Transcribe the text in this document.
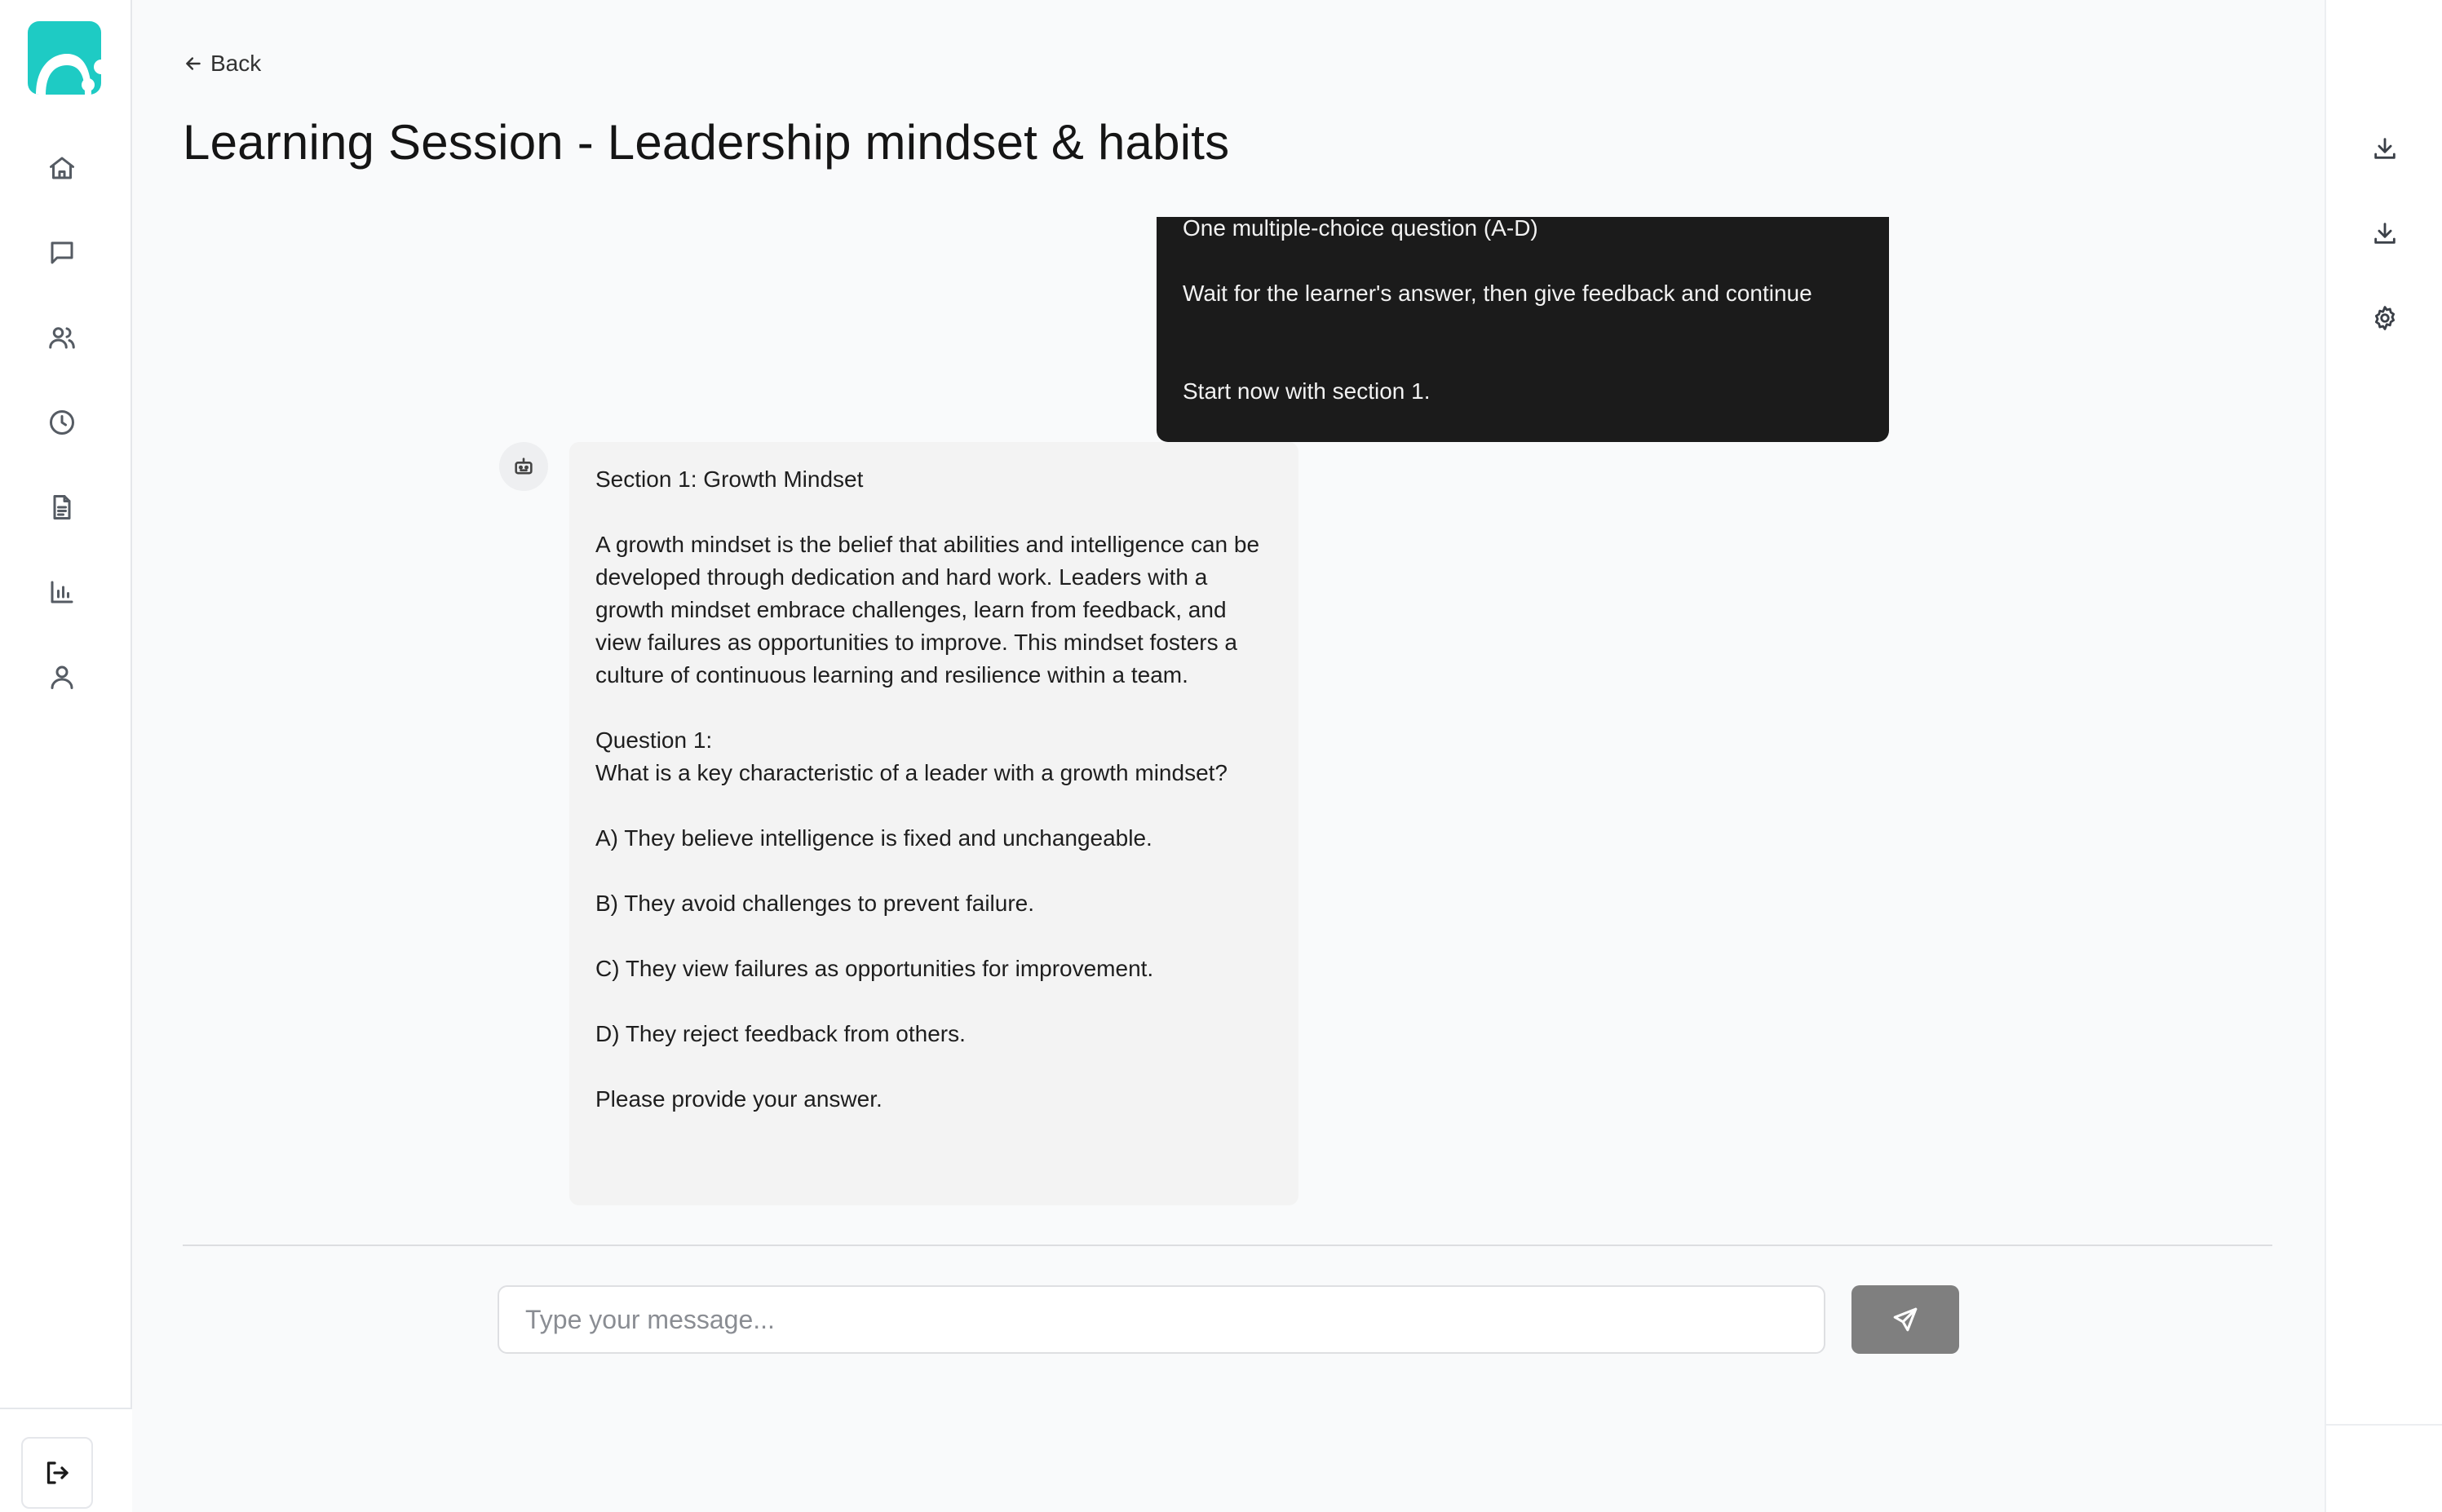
Back
Learning Session - Leadership mindset & habits
One multiple-choice question (A-D)
Wait for the learner's answer, then give feedback and continue
Start now with section 1.

Section 1: Growth Mindset

A growth mindset is the belief that abilities and intelligence can be developed through dedication and hard work. Leaders with a growth mindset embrace challenges, learn from feedback, and view failures as opportunities to improve. This mindset fosters a culture of continuous learning and resilience within a team.

Question 1:

What is a key characteristic of a leader with a growth mindset?

A) They believe intelligence is fixed and unchangeable.

B) They avoid challenges to prevent failure.

C) They view failures as opportunities for improvement.

D) They reject feedback from others.

Please provide your answer.

Type your message...
